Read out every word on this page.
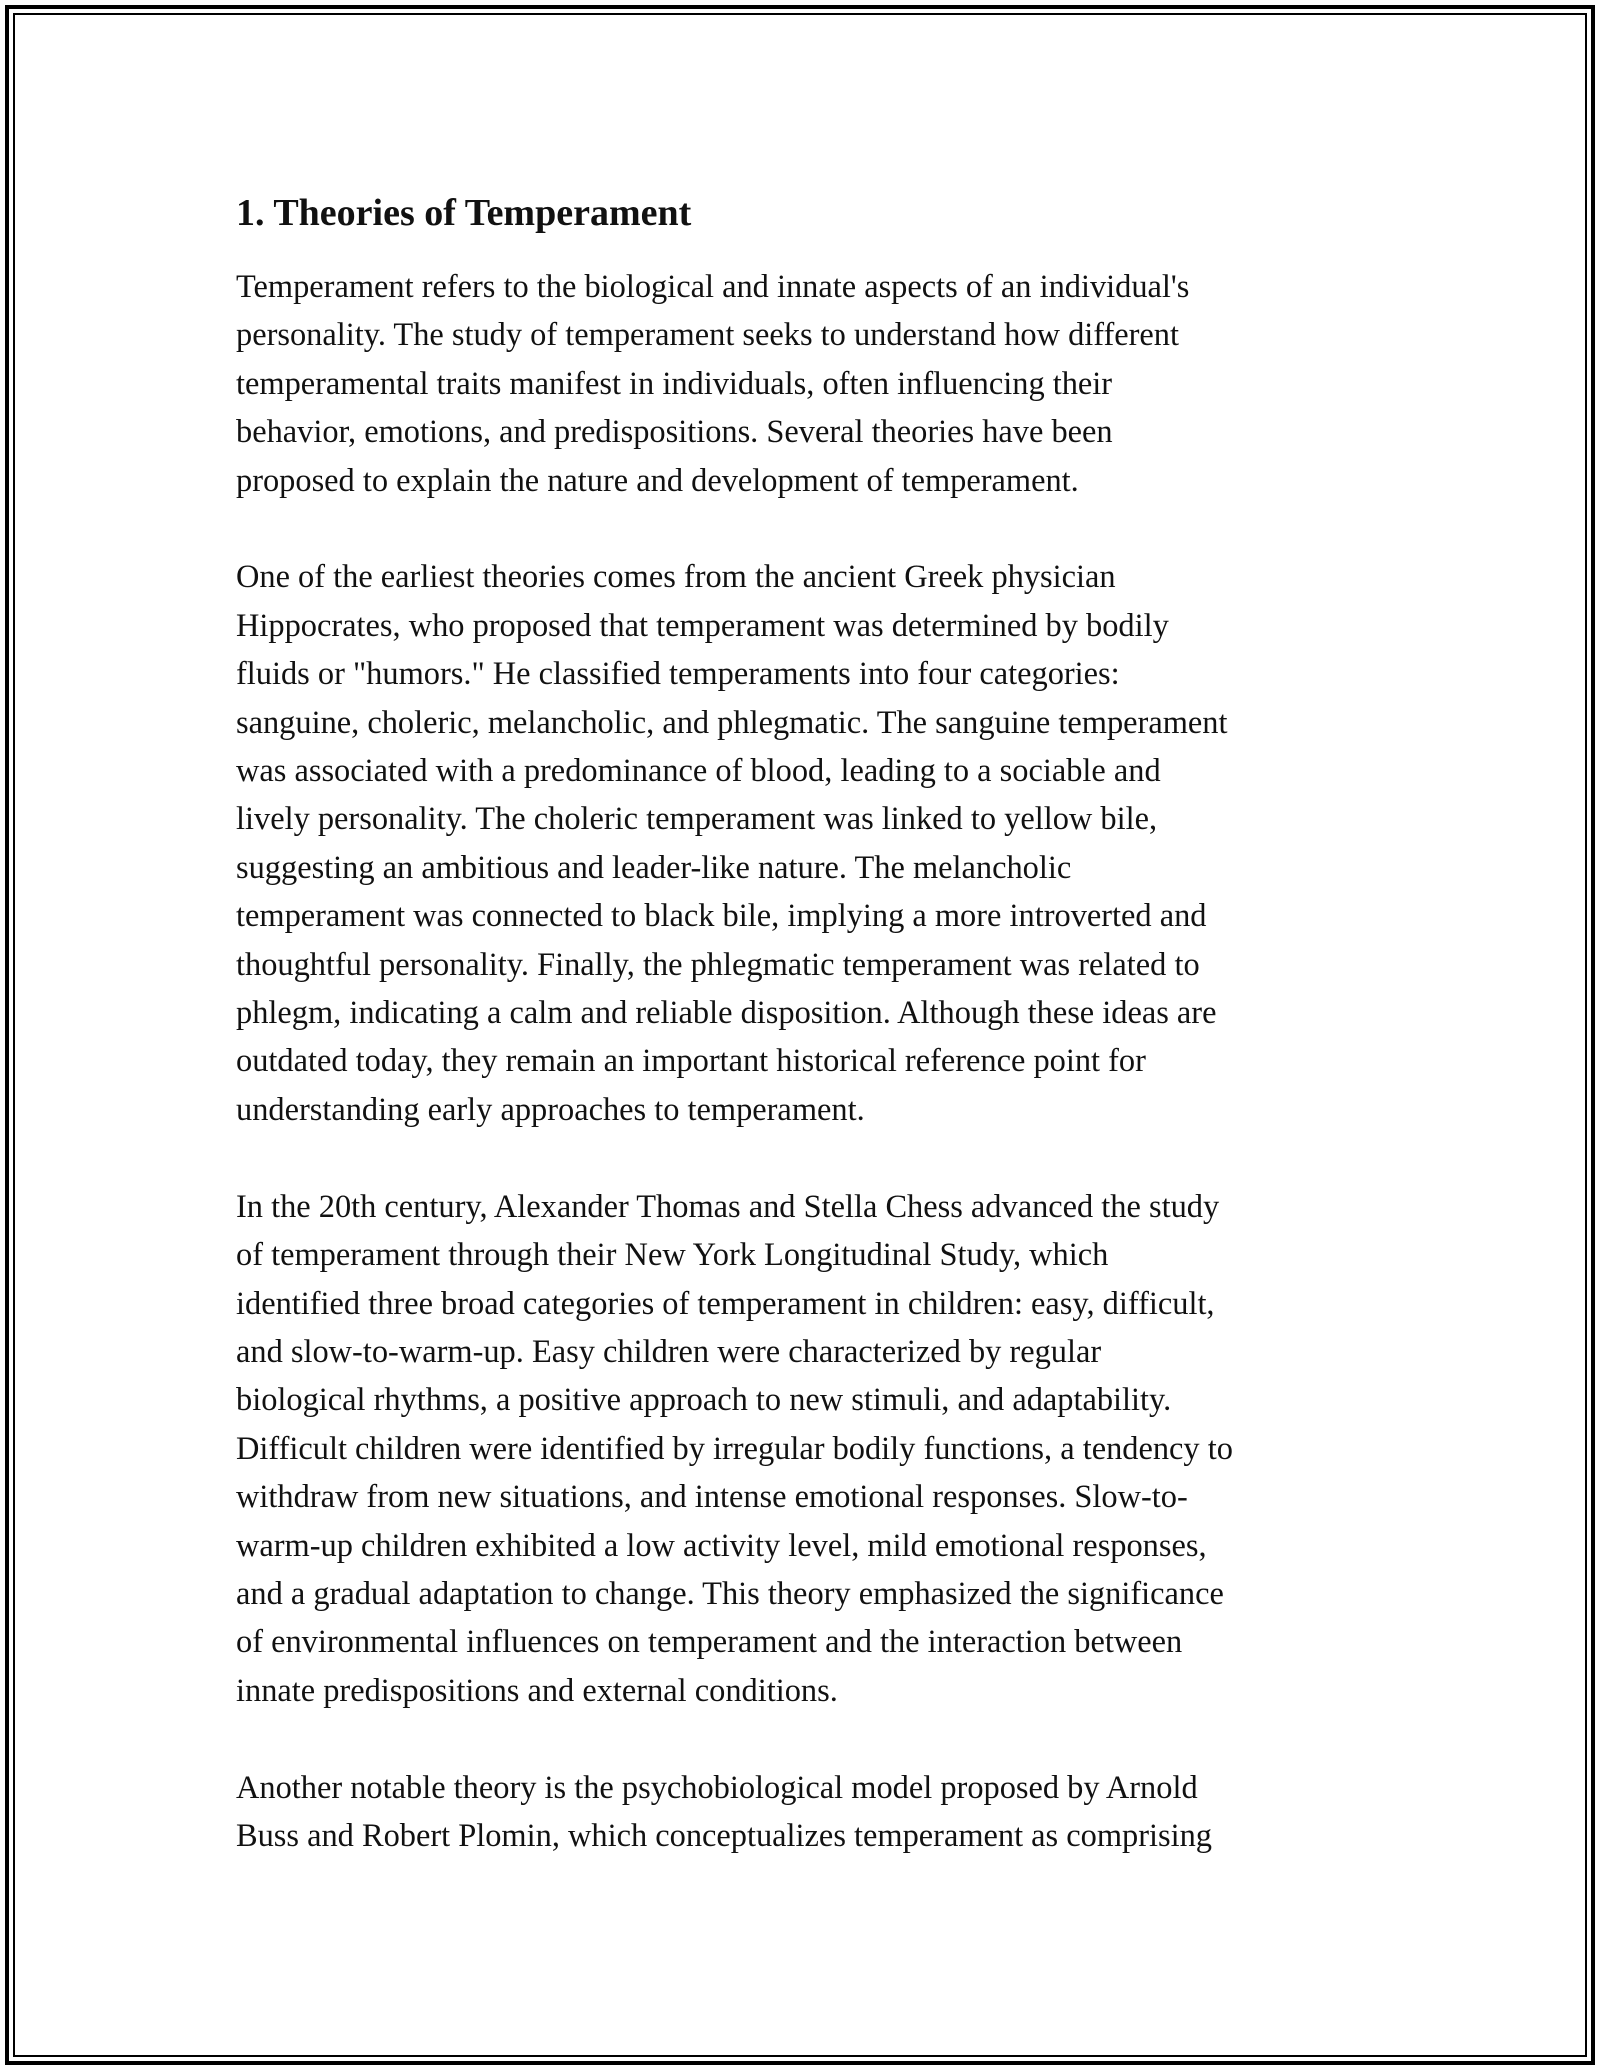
1. Theories of Temperament

Temperament refers to the biological and innate aspects of an individual's
personality. The study of temperament seeks to understand how different
temperamental traits manifest in individuals, often influencing their
behavior, emotions, and predispositions. Several theories have been
proposed to explain the nature and development of temperament.

One of the earliest theories comes from the ancient Greek physician
Hippocrates, who proposed that temperament was determined by bodily
fluids or "humors." He classified temperaments into four categories:
sanguine, choleric, melancholic, and phlegmatic. The sanguine temperament
was associated with a predominance of blood, leading to a sociable and
lively personality. The choleric temperament was linked to yellow bile,
suggesting an ambitious and leader-like nature. The melancholic
temperament was connected to black bile, implying a more introverted and
thoughtful personality. Finally, the phlegmatic temperament was related to
phlegm, indicating a calm and reliable disposition. Although these ideas are
outdated today, they remain an important historical reference point for
understanding early approaches to temperament.

In the 20th century, Alexander Thomas and Stella Chess advanced the study
of temperament through their New York Longitudinal Study, which
identified three broad categories of temperament in children: easy, difficult,
and slow-to-warm-up. Easy children were characterized by regular
biological rhythms, a positive approach to new stimuli, and adaptability.
Difficult children were identified by irregular bodily functions, a tendency to
withdraw from new situations, and intense emotional responses. Slow-to-
warm-up children exhibited a low activity level, mild emotional responses,
and a gradual adaptation to change. This theory emphasized the significance
of environmental influences on temperament and the interaction between
innate predispositions and external conditions.

Another notable theory is the psychobiological model proposed by Arnold
Buss and Robert Plomin, which conceptualizes temperament as comprising
